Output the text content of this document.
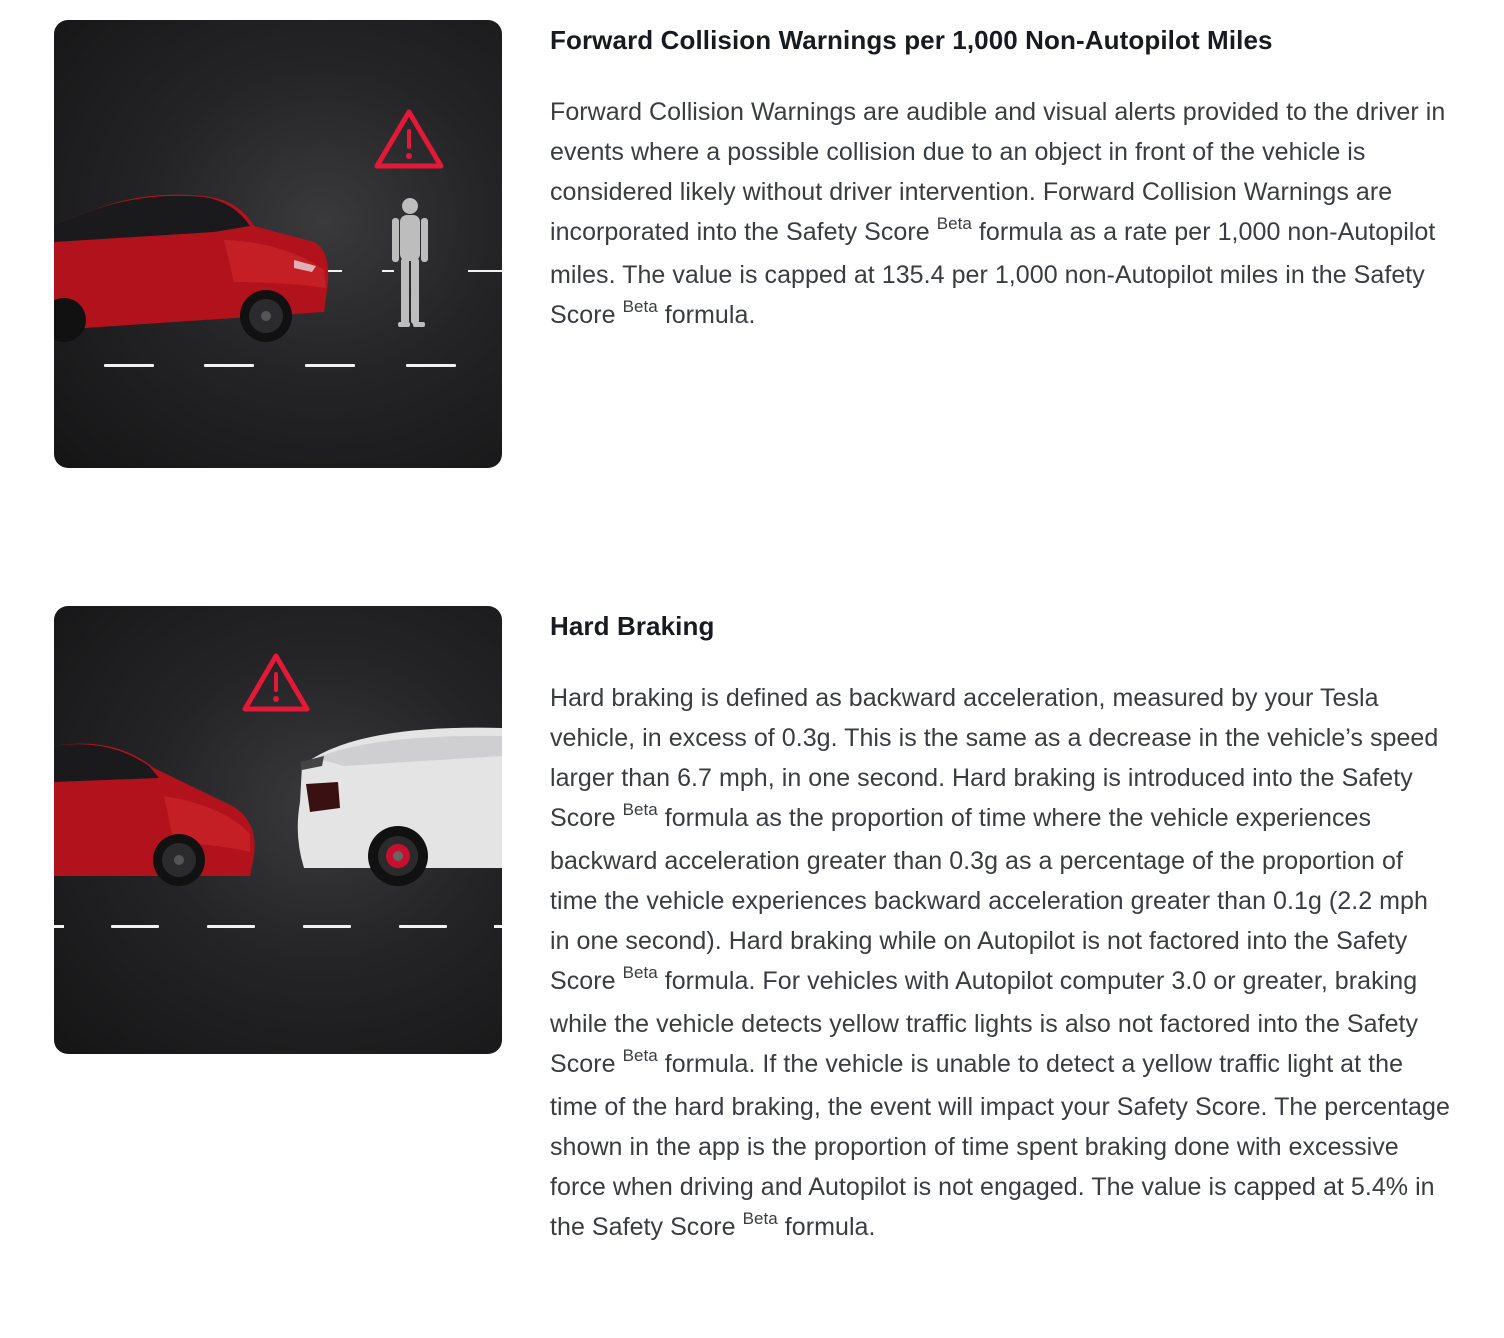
Forward Collision Warnings per 1,000 Non-Autopilot Miles

Forward Collision Warnings are audible and visual alerts provided to the driver in events where a possible collision due to an object in front of the vehicle is considered likely without driver intervention. Forward Collision Warnings are incorporated into the Safety Score $^{Beta}$ formula as a rate per 1,000 non-Autopilot miles. The value is capped at 135.4 per 1,000 non-Autopilot miles in the Safety Score $^{Beta}$ formula.

Hard Braking

Hard braking is defined as backward acceleration, measured by your Tesla vehicle, in excess of 0.3g. This is the same as a decrease in the vehicle’s speed larger than 6.7 mph, in one second. Hard braking is introduced into the Safety Score $^{Beta}$ formula as the proportion of time where the vehicle experiences backward acceleration greater than 0.3g as a percentage of the proportion of time the vehicle experiences backward acceleration greater than 0.1g (2.2 mph in one second). Hard braking while on Autopilot is not factored into the Safety Score $^{Beta}$ formula. For vehicles with Autopilot computer 3.0 or greater, braking while the vehicle detects yellow traffic lights is also not factored into the Safety Score $^{Beta}$ formula. If the vehicle is unable to detect a yellow traffic light at the time of the hard braking, the event will impact your Safety Score. The percentage shown in the app is the proportion of time spent braking done with excessive force when driving and Autopilot is not engaged. The value is capped at 5.4% in the Safety Score $^{Beta}$ formula.
